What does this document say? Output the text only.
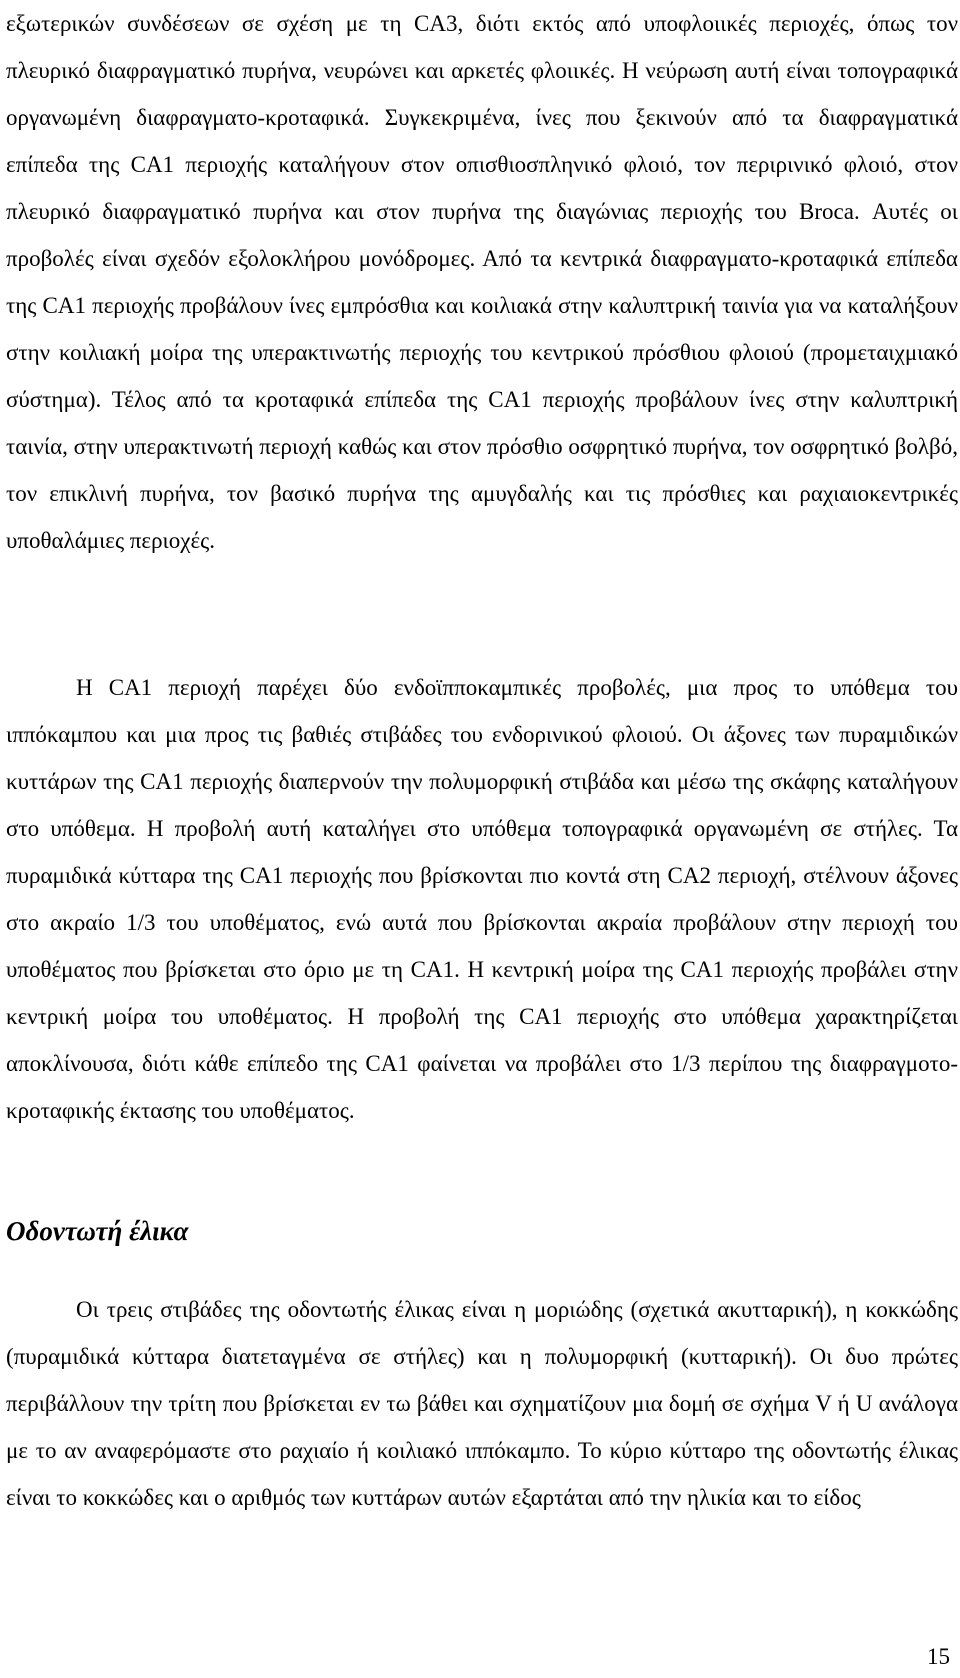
εξωτερικών συνδέσεων σε σχέση με τη CA3, διότι εκτός από υποφλοιικές περιοχές, όπως τον πλευρικό διαφραγματικό πυρήνα, νευρώνει και αρκετές φλοιικές. Η νεύρωση αυτή είναι τοπογραφικά οργανωμένη διαφραγματο-κροταφικά. Συγκεκριμένα, ίνες που ξεκινούν από τα διαφραγματικά επίπεδα της CA1 περιοχής καταλήγουν στον οπισθιοσπληνικό φλοιό, τον περιρινικό φλοιό, στον πλευρικό διαφραγματικό πυρήνα και στον πυρήνα της διαγώνιας περιοχής του Broca. Αυτές οι προβολές είναι σχεδόν εξολοκλήρου μονόδρομες. Από τα κεντρικά διαφραγματο-κροταφικά επίπεδα της CA1 περιοχής προβάλουν ίνες εμπρόσθια και κοιλιακά στην καλυπτρική ταινία για να καταλήξουν στην κοιλιακή μοίρα της υπερακτινωτής περιοχής του κεντρικού πρόσθιου φλοιού (προμεταιχμιακό σύστημα). Τέλος από τα κροταφικά επίπεδα της CA1 περιοχής προβάλουν ίνες στην καλυπτρική ταινία, στην υπερακτινωτή περιοχή καθώς και στον πρόσθιο οσφρητικό πυρήνα, τον οσφρητικό βολβό, τον επικλινή πυρήνα, τον βασικό πυρήνα της αμυγδαλής και τις πρόσθιες και ραχιαιοκεντρικές υποθαλάμιες περιοχές.

Η CA1 περιοχή παρέχει δύο ενδοϊπποκαμπικές προβολές, μια προς το υπόθεμα του ιππόκαμπου και μια προς τις βαθιές στιβάδες του ενδορινικού φλοιού. Οι άξονες των πυραμιδικών κυττάρων της CA1 περιοχής διαπερνούν την πολυμορφική στιβάδα και μέσω της σκάφης καταλήγουν στο υπόθεμα. Η προβολή αυτή καταλήγει στο υπόθεμα τοπογραφικά οργανωμένη σε στήλες. Τα πυραμιδικά κύτταρα της CA1 περιοχής που βρίσκονται πιο κοντά στη CA2 περιοχή, στέλνουν άξονες στο ακραίο 1/3 του υποθέματος, ενώ αυτά που βρίσκονται ακραία προβάλουν στην περιοχή του υποθέματος που βρίσκεται στο όριο με τη CA1. Η κεντρική μοίρα της CA1 περιοχής προβάλει στην κεντρική μοίρα του υποθέματος. Η προβολή της CA1 περιοχής στο υπόθεμα χαρακτηρίζεται αποκλίνουσα, διότι κάθε επίπεδο της CA1 φαίνεται να προβάλει στο 1/3 περίπου της διαφραγμοτο-κροταφικής έκτασης του υποθέματος.

Οδοντωτή έλικα

Οι τρεις στιβάδες της οδοντωτής έλικας είναι η μοριώδης (σχετικά ακυτταρική), η κοκκώδης (πυραμιδικά κύτταρα διατεταγμένα σε στήλες) και η πολυμορφική (κυτταρική). Οι δυο πρώτες περιβάλλουν την τρίτη που βρίσκεται εν τω βάθει και σχηματίζουν μια δομή σε σχήμα V ή U ανάλογα με το αν αναφερόμαστε στο ραχιαίο ή κοιλιακό ιππόκαμπο. Το κύριο κύτταρο της οδοντωτής έλικας είναι το κοκκώδες και ο αριθμός των κυττάρων αυτών εξαρτάται από την ηλικία και το είδος

15
